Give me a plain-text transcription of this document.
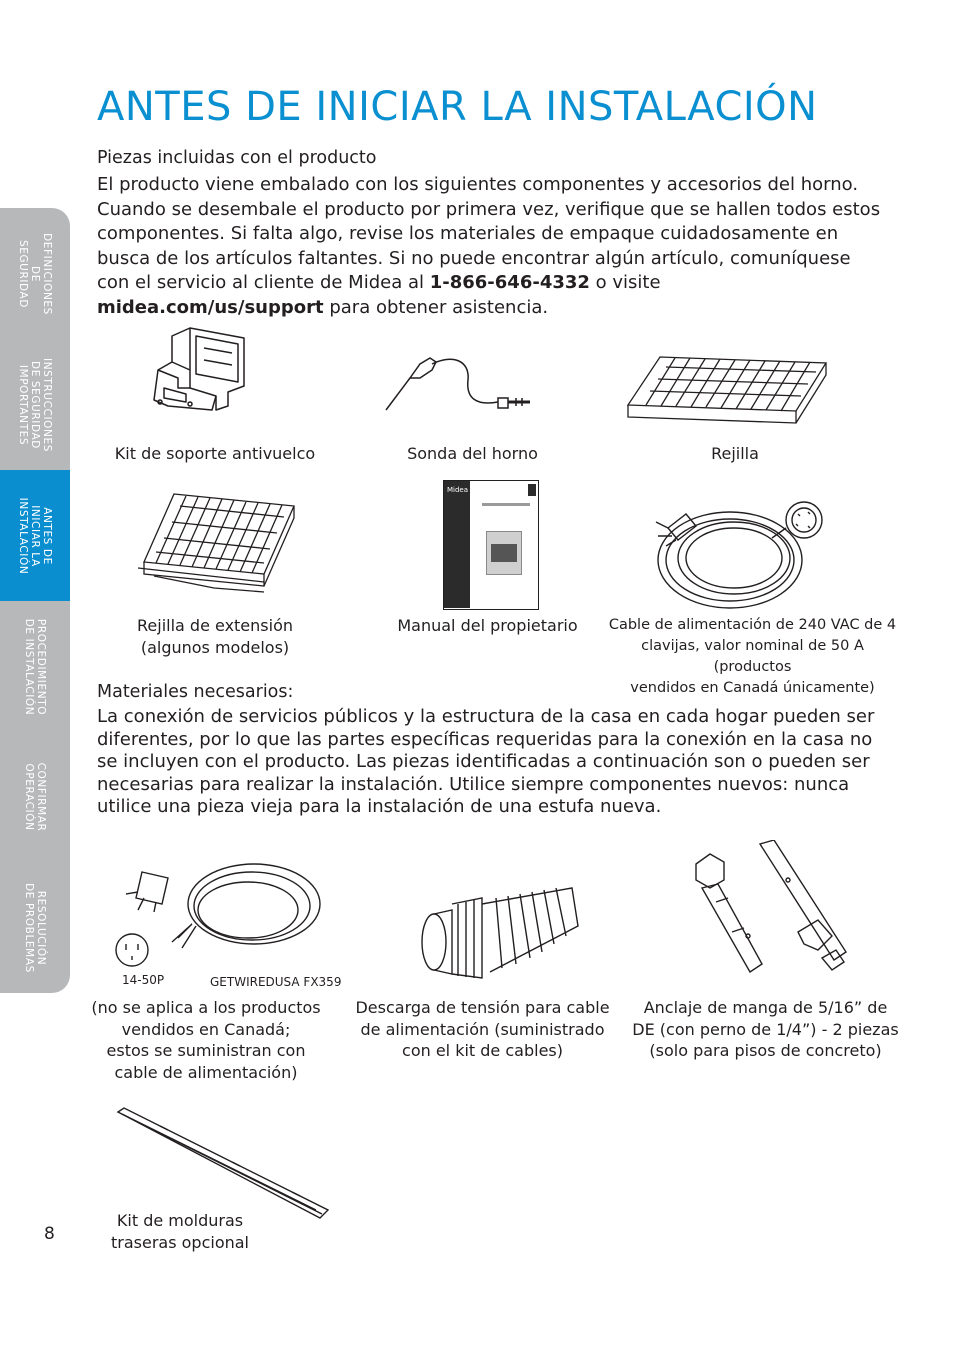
DEFINICIONES
DE
SEGURIDAD
INSTRUCCIONES
DE SEGURIDAD
IMPORTANTES
ANTES DE
INICIAR LA
INSTALACIÓN
PROCEDIMIENTO
DE INSTALACIÓN
CONFIRMAR
OPERACIÓN
RESOLUCIÓN
DE PROBLEMAS
ANTES DE INICIAR LA INSTALACIÓN
Piezas incluidas con el producto

El producto viene embalado con los siguientes componentes y accesorios del horno. Cuando se desembale el producto por primera vez, verifique que se hallen todos estos componentes. Si falta algo, revise los materiales de empaque cuidadosamente en busca de los artículos faltantes. Si no puede encontrar algún artículo, comuníquese con el servicio al cliente de Midea al 1-866-646-4332 o visite midea.com/us/support para obtener asistencia.

Kit de soporte antivuelco	Sonda del horno	Rejilla
Rejilla de extensión
(algunos modelos)
Midea
Manual del propietario	Cable de alimentación de 240 VAC de 4
clavijas, valor nominal de 50 A (productos
vendidos en Canadá únicamente)
Materiales necesarios:

La conexión de servicios públicos y la estructura de la casa en cada hogar pueden ser diferentes, por lo que las partes específicas requeridas para la conexión en la casa no se incluyen con el producto. Las piezas identificadas a continuación son o pueden ser necesarias para realizar la instalación. Utilice siempre componentes nuevos: nunca utilice una pieza vieja para la instalación de una estufa nueva.

14-50P	GETWIREDUSA FX359
(no se aplica a los productos
vendidos en Canadá;
estos se suministran con
cable de alimentación)
Descarga de tensión para cable
de alimentación (suministrado
con el kit de cables)
Anclaje de manga de 5/16” de
DE (con perno de 1/4”) - 2 piezas
(solo para pisos de concreto)
Kit de molduras
traseras opcional
8
